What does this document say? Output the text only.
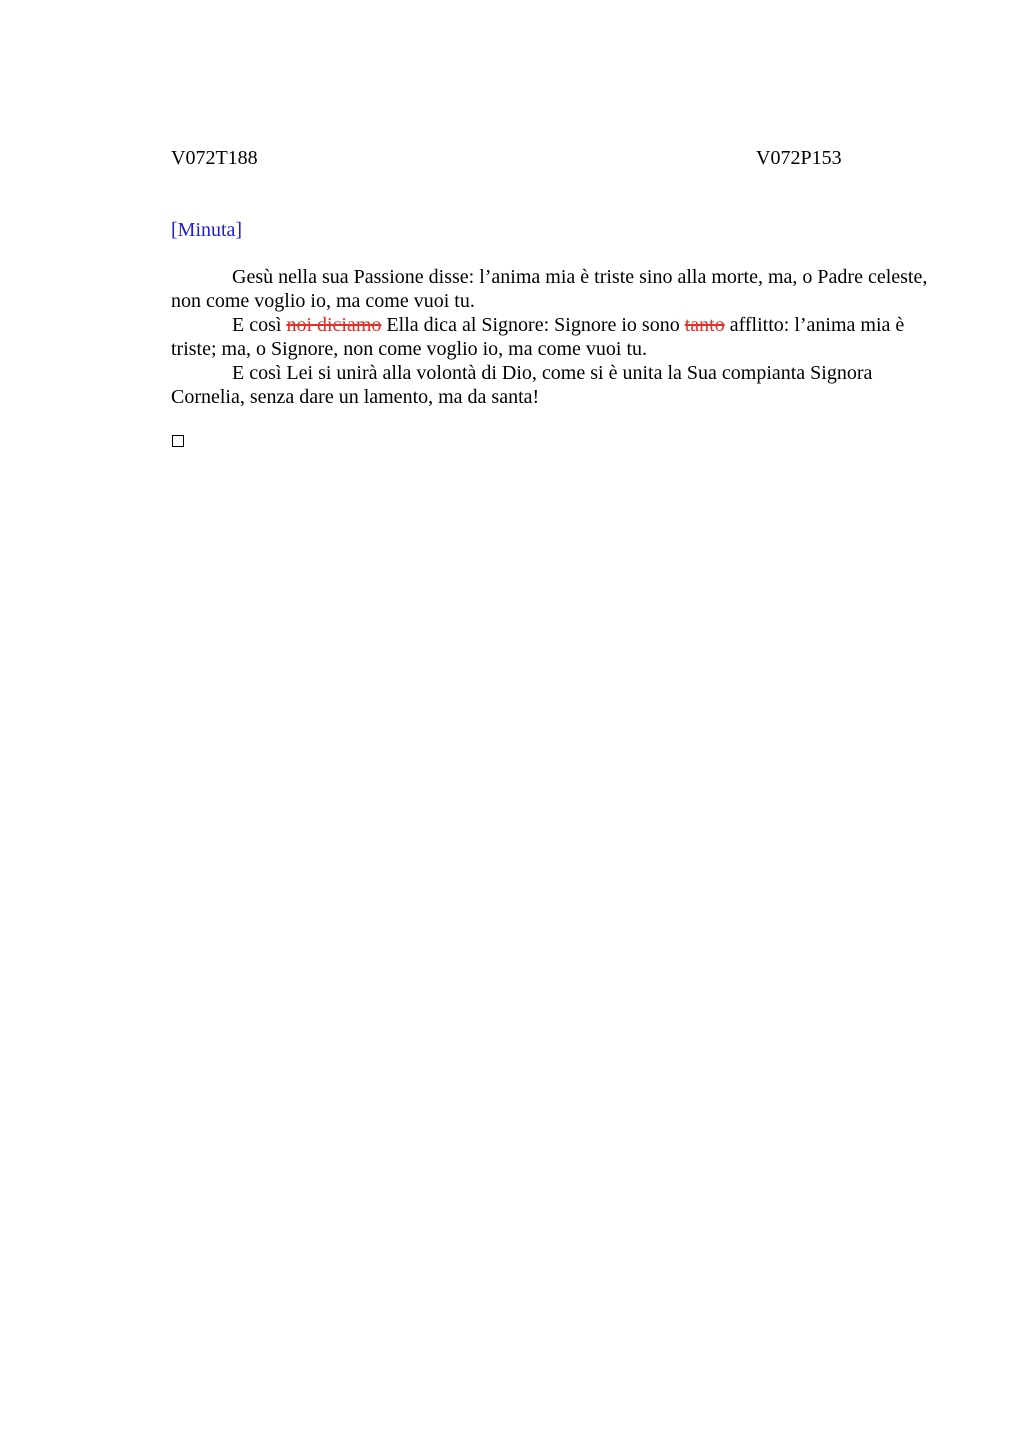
V072T188	V072P153
[Minuta]

Gesù nella sua Passione disse: l’anima mia è triste sino alla morte, ma, o Padre celeste, non come voglio io, ma come vuoi tu.

E così noi diciamo Ella dica al Signore: Signore io sono tanto afflitto: l’anima mia è triste; ma, o Signore, non come voglio io, ma come vuoi tu.

E così Lei si unirà alla volontà di Dio, come si è unita la Sua compianta Signora Cornelia, senza dare un lamento, ma da santa!
